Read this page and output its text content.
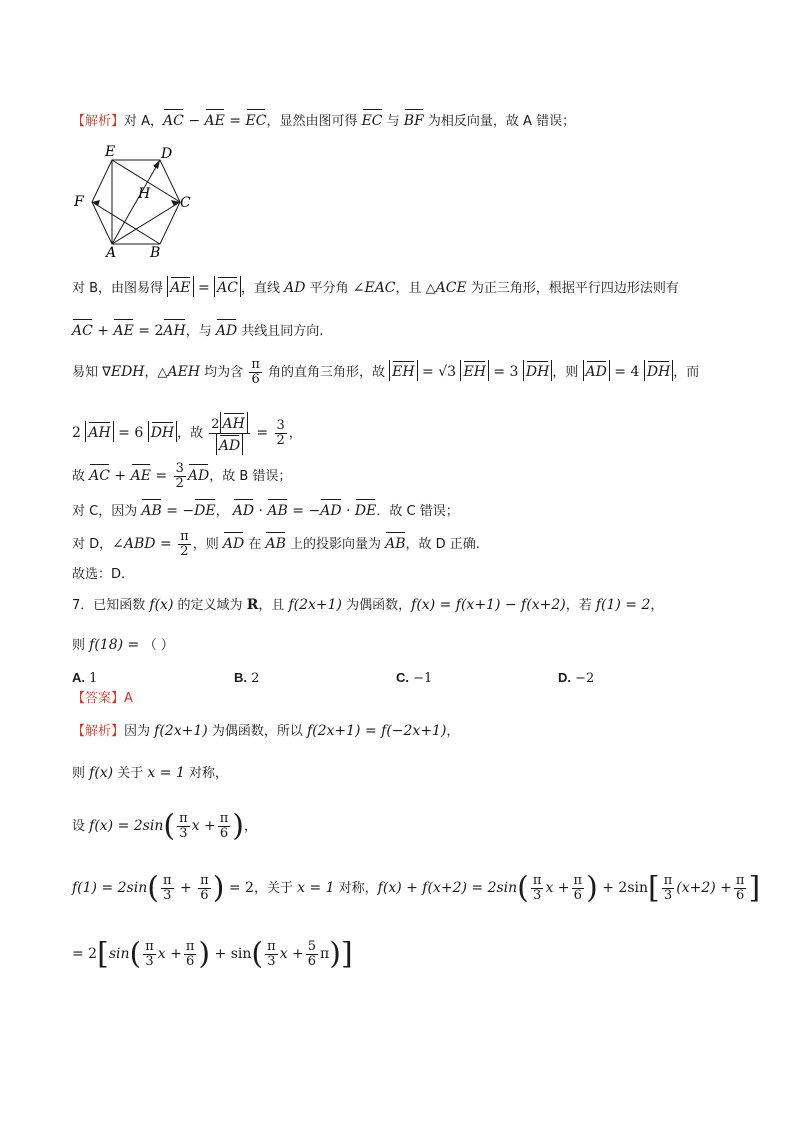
【解析】对 A，AC − AE = EC，显然由图可得 EC 与 BF 为相反向量，故 A 错误；
E	D
F	H
C
A B
对 B，由图易得 AE = AC ，直线 AD 平分角 ∠EAC，且 △ACE 为正三角形，根据平行四边形法则有
AC + AE = 2AH，与 AD 共线且同方向.
易知 ∇EDH，△AEH 均为含 $\frac{\pi}{6}$ 角的直角三角形，故 EH = √3 EH = 3 DH ，则 AD = 4 DH ，而
2 AH = 6 DH ，故 $\frac{2 AH}{AD} = \frac{3}{2}$ ，
故 AC + AE = $\frac{3}{2}$ AD，故 B 错误；
对 C，因为 AB = −DE， AD · AB = −AD · DE．故 C 错误；
对 D，∠ABD = $\frac{\pi}{2}$ ，则 AD 在 AB 上的投影向量为 AB，故 D 正确.
故选：D.
7．已知函数 f(x) 的定义域为 R，且 f(2x+1) 为偶函数，f(x) = f(x+1) − f(x+2)，若 f(1) = 2，
则 f(18) = （ ）
A. 1	B. 2	C. −1	D. −2
【答案】A
【解析】因为 f(2x+1) 为偶函数，所以 f(2x+1) = f(−2x+1)，
则 f(x) 关于 x = 1 对称，
设 $f(x) = 2\sin( \frac{\pi}{3}$ $x + \frac{\pi}{6}$ )，
$f(1) = 2\sin( \frac{\pi}{3} + \frac{\pi}{6}$ ) = 2，关于 x = 1 对称，$f(x) + f(x+2) = 2\sin( \frac{\pi}{3}$ $x + \frac{\pi}{6}$ ) + $2\sin[ \frac{\pi}{3} (x+2) + \frac{\pi}{6}$ ]
= $2[\sin( \frac{\pi}{3}$ $x + \frac{\pi}{6}$ ) + $\sin( \frac{\pi}{3}$ $x + \frac{5}{6} \pi$)]
